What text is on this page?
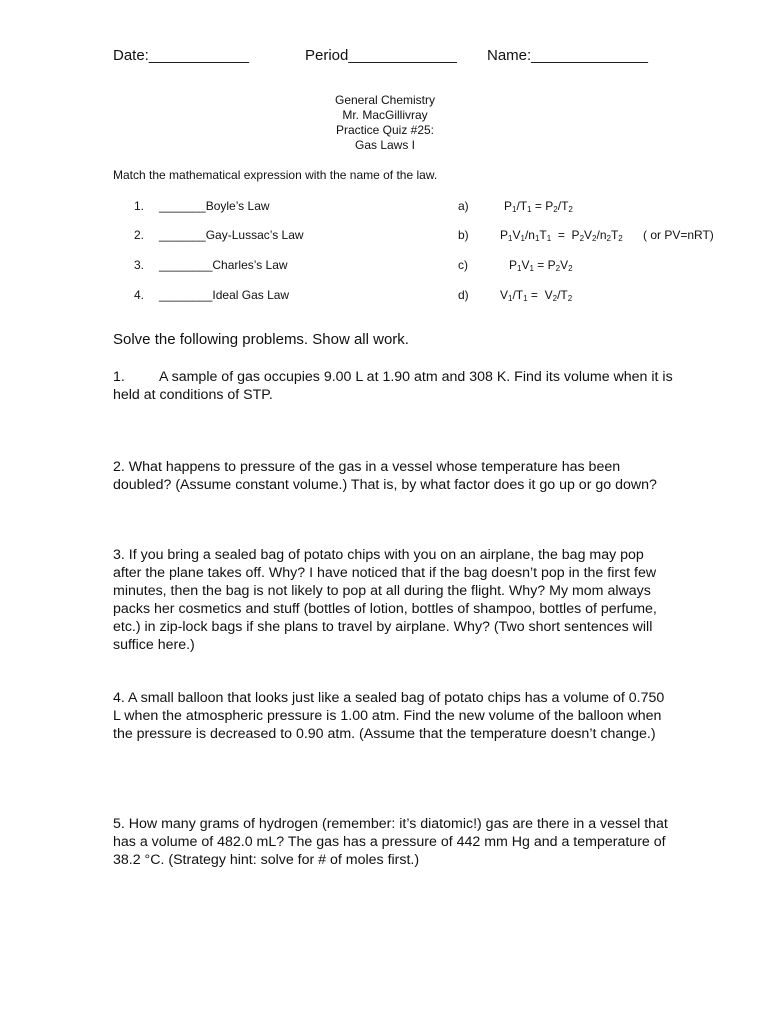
Date:____________	Period_____________ Name:______________
General Chemistry
Mr. MacGillivray
Practice Quiz #25:
Gas Laws I
Match the mathematical expression with the name of the law.
1. _______Boyle’s Law	a)	$P_1/T_1 = P_2/T_2$
2. _______Gay-Lussac’s Law	b)	$P_1V_1/n_1T_1 = P_2V_2/n_2T_2$ ( or PV=nRT)
3. ________Charles’s Law	c)	$P_1V_1 = P_2V_2$
4. ________Ideal Gas Law	d)	$V_1/T_1 = V_2/T_2$
Solve the following problems. Show all work.
1. A sample of gas occupies 9.00 L at 1.90 atm and 308 K. Find its volume when it is held at conditions of STP.
2. What happens to pressure of the gas in a vessel whose temperature has been doubled? (Assume constant volume.) That is, by what factor does it go up or go down?
3. If you bring a sealed bag of potato chips with you on an airplane, the bag may pop after the plane takes off. Why? I have noticed that if the bag doesn’t pop in the first few minutes, then the bag is not likely to pop at all during the flight. Why? My mom always packs her cosmetics and stuff (bottles of lotion, bottles of shampoo, bottles of perfume, etc.) in zip-lock bags if she plans to travel by airplane. Why? (Two short sentences will suffice here.)
4. A small balloon that looks just like a sealed bag of potato chips has a volume of 0.750 L when the atmospheric pressure is 1.00 atm. Find the new volume of the balloon when the pressure is decreased to 0.90 atm. (Assume that the temperature doesn’t change.)
5. How many grams of hydrogen (remember: it’s diatomic!) gas are there in a vessel that has a volume of 482.0 mL? The gas has a pressure of 442 mm Hg and a temperature of 38.2 °C. (Strategy hint: solve for # of moles first.)
